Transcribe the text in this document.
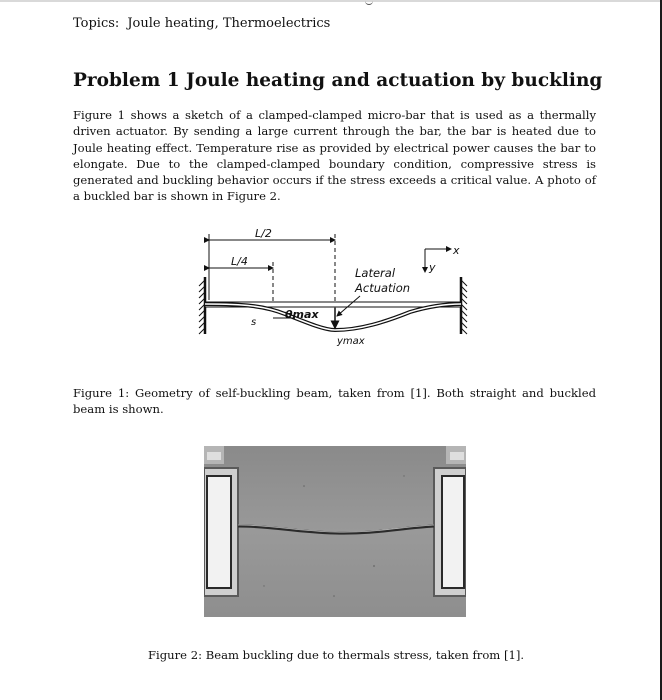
Topics: Joule heating, Thermoelectrics
Problem 1 Joule heating and actuation by buckling

Figure 1 shows a sketch of a clamped-clamped micro-bar that is used as a thermally driven actuator. By sending a large current through the bar, the bar is heated due to Joule heating effect. Temperature rise as provided by electrical power causes the bar to elongate. Due to the clamped-clamped boundary condition, compressive stress is generated and buckling behavior occurs if the stress exceeds a critical value. A photo of a buckled bar is shown in Figure 2.

L/2
L/4
ymax
θmax
s
Lateral
Actuation
x
y

Figure 1: Geometry of self-buckling beam, taken from [1]. Both straight and buckled beam is shown.

Figure 2: Beam buckling due to thermals stress, taken from [1].
